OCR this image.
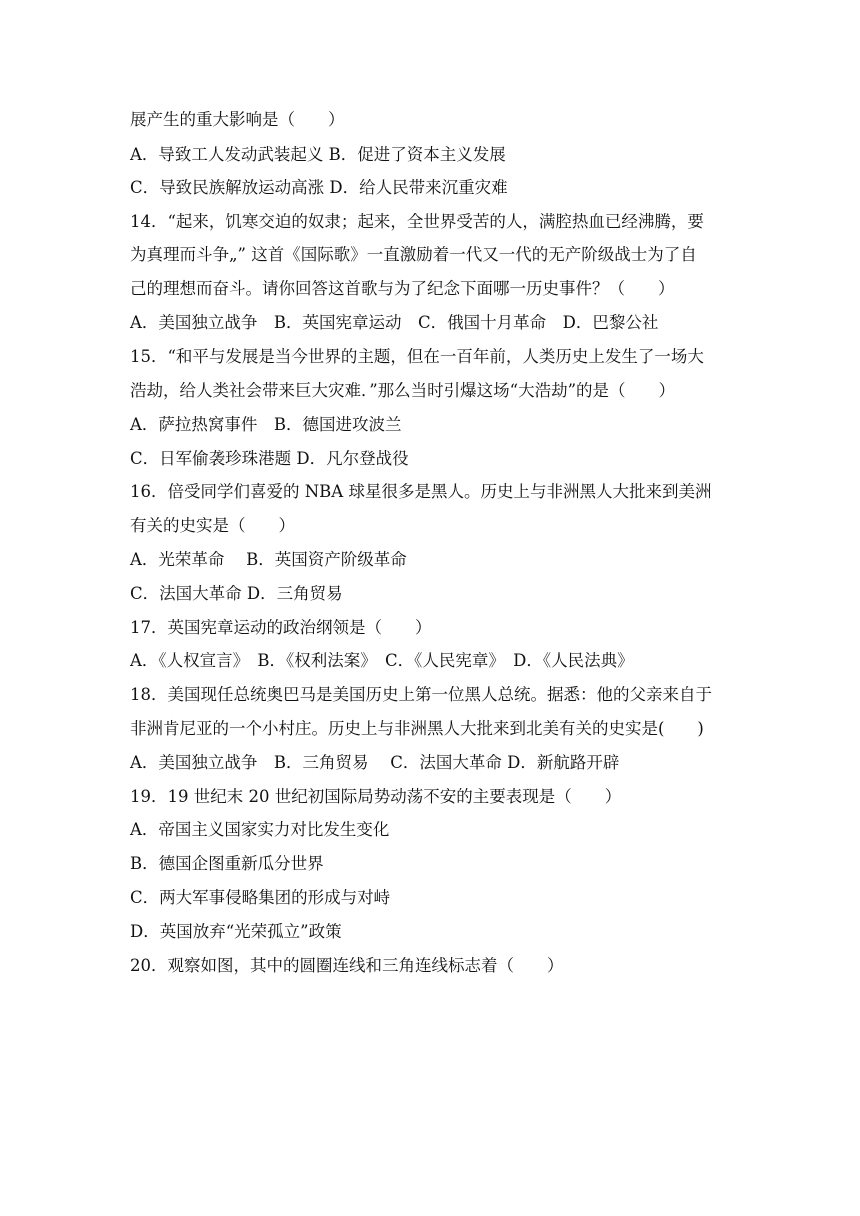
展产生的重大影响是（　　）
A．导致工人发动武装起义 B．促进了资本主义发展
C．导致民族解放运动高涨 D．给人民带来沉重灾难
14．“起来，饥寒交迫的奴隶；起来，全世界受苦的人，满腔热血已经沸腾，要
为真理而斗争„” 这首《国际歌》一直激励着一代又一代的无产阶级战士为了自
己的理想而奋斗。请你回答这首歌与为了纪念下面哪一历史事件？（　　）
A．美国独立战争　B．英国宪章运动　C．俄国十月革命　D．巴黎公社
15．“和平与发展是当今世界的主题，但在一百年前，人类历史上发生了一场大
浩劫，给人类社会带来巨大灾难．”那么当时引爆这场“大浩劫”的是（　　）
A．萨拉热窝事件　B．德国进攻波兰
C．日军偷袭珍珠港题 D．凡尔登战役
16．倍受同学们喜爱的 NBA 球星很多是黑人。历史上与非洲黑人大批来到美洲
有关的史实是（　　）
A．光荣革命　 B．英国资产阶级革命
C．法国大革命 D．三角贸易
17．英国宪章运动的政治纲领是（　　）
A．《人权宣言》　B．《权利法案》　C．《人民宪章》　D．《人民法典》
18．美国现任总统奥巴马是美国历史上第一位黑人总统。据悉：他的父亲来自于
非洲肯尼亚的一个小村庄。历史上与非洲黑人大批来到北美有关的史实是(　　)
A．美国独立战争　B．三角贸易　 C．法国大革命 D．新航路开辟
19．19 世纪末 20 世纪初国际局势动荡不安的主要表现是（　　）
A．帝国主义国家实力对比发生变化
B．德国企图重新瓜分世界
C．两大军事侵略集团的形成与对峙
D．英国放弃“光荣孤立”政策
20．观察如图，其中的圆圈连线和三角连线标志着（　　）
